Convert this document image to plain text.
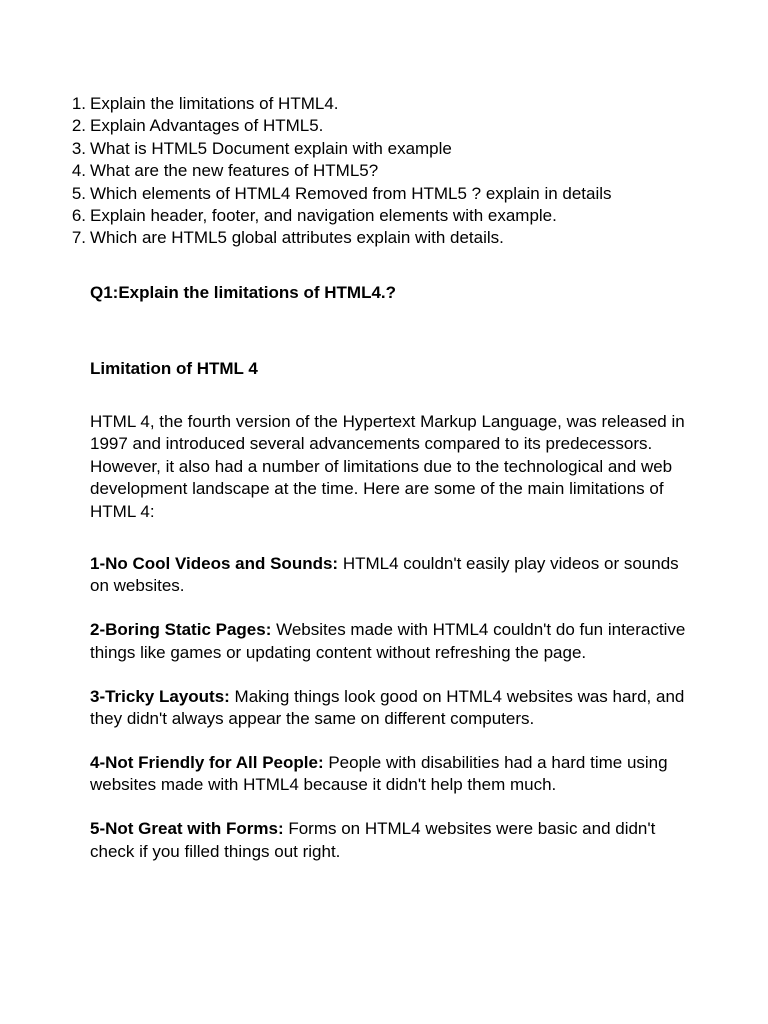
1. Explain the limitations of HTML4.
2. Explain Advantages of HTML5.
3. What is HTML5 Document explain with example
4. What are the new features of HTML5?
5. Which elements of HTML4 Removed from HTML5 ? explain in details
6. Explain header, footer, and navigation elements with example.
7. Which are HTML5 global attributes explain with details.
Q1:Explain the limitations of HTML4.?
Limitation of HTML 4

HTML 4, the fourth version of the Hypertext Markup Language, was released in 1997 and introduced several advancements compared to its predecessors. However, it also had a number of limitations due to the technological and web development landscape at the time. Here are some of the main limitations of HTML 4:

1-No Cool Videos and Sounds: HTML4 couldn't easily play videos or sounds on websites.

2-Boring Static Pages: Websites made with HTML4 couldn't do fun interactive things like games or updating content without refreshing the page.

3-Tricky Layouts: Making things look good on HTML4 websites was hard, and they didn't always appear the same on different computers.

4-Not Friendly for All People: People with disabilities had a hard time using websites made with HTML4 because it didn't help them much.

5-Not Great with Forms: Forms on HTML4 websites were basic and didn't check if you filled things out right.
